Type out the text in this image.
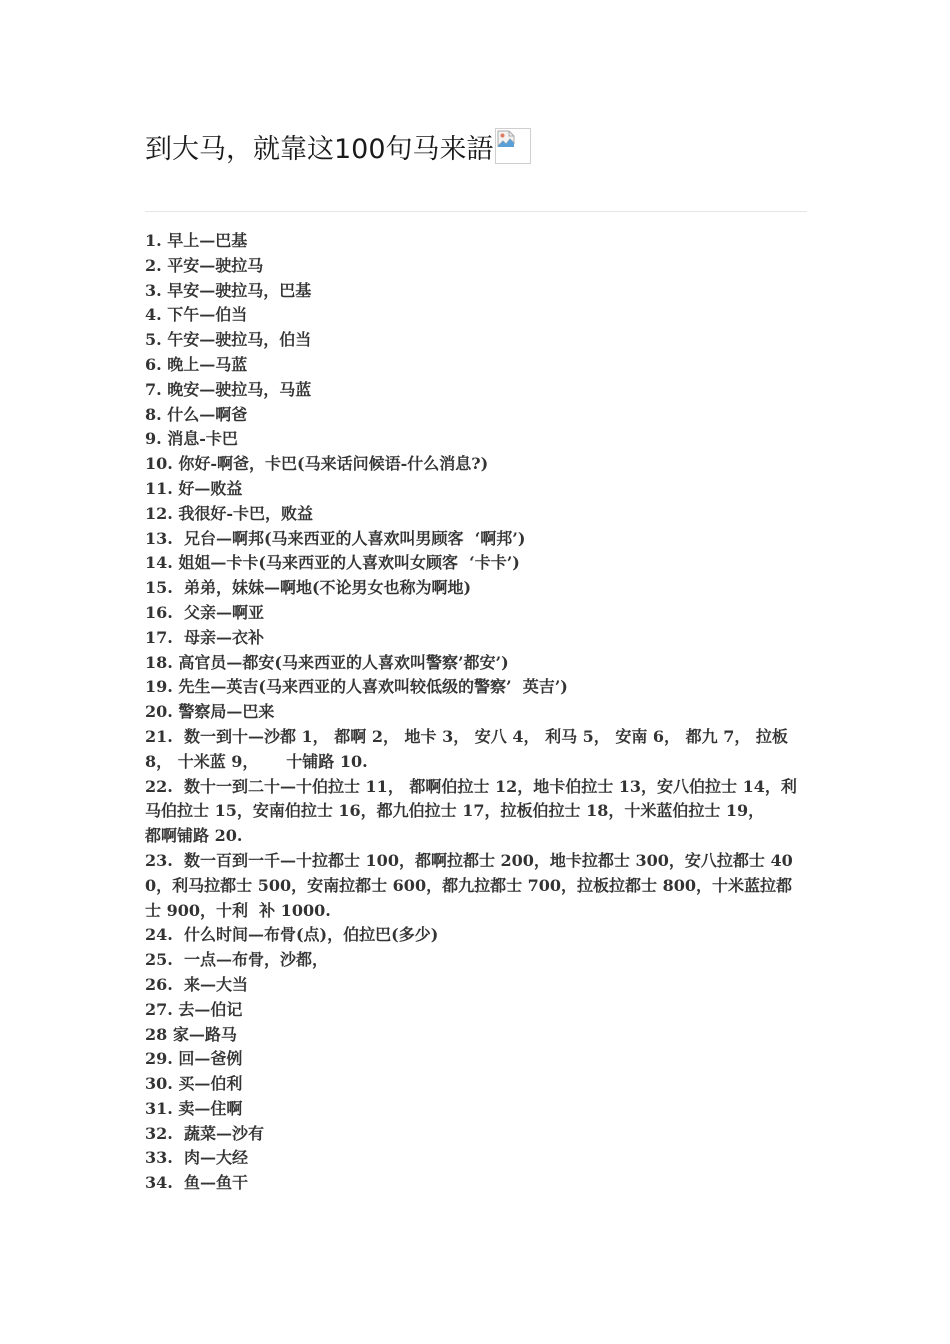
到大马，就靠这100句马来語
1. 早上—巴基
2. 平安—驶拉马
3. 早安—驶拉马，巴基
4. 下午—伯当
5. 午安—驶拉马，伯当
6. 晚上—马蓝
7. 晚安—驶拉马，马蓝
8. 什么—啊爸
9. 消息-卡巴
10. 你好-啊爸，卡巴(马来话问候语-什么消息?)
11. 好—败益
12. 我很好-卡巴，败益
13.  兄台—啊邦(马来西亚的人喜欢叫男顾客  ‘啊邦’)
14. 姐姐—卡卡(马来西亚的人喜欢叫女顾客  ‘卡卡’)
15.  弟弟，妹妹—啊地(不论男女也称为啊地)
16.  父亲—啊亚
17.  母亲—衣补
18. 高官员—都安(马来西亚的人喜欢叫警察’都安’)
19. 先生—英吉(马来西亚的人喜欢叫较低级的警察’  英吉’)
20. 警察局—巴来
21.  数一到十—沙都 1， 都啊 2， 地卡 3， 安八 4， 利马 5， 安南 6， 都九 7， 拉板 8， 十米蓝 9，     十铺路 10.
22.  数十一到二十—十伯拉士 11， 都啊伯拉士 12，地卡伯拉士 13，安八伯拉士 14，利马伯拉士 15，安南伯拉士 16，都九伯拉士 17，拉板伯拉士 18，十米蓝伯拉士 19，            都啊铺路 20.
23.  数一百到一千—十拉都士 100，都啊拉都士 200，地卡拉都士 300，安八拉都士 400，利马拉都士 500，安南拉都士 600，都九拉都士 700，拉板拉都士 800，十米蓝拉都士 900，十利  补 1000.
24.  什么时间—布骨(点)，伯拉巴(多少)
25.  一点—布骨，沙都，
26.  来—大当
27. 去—伯记
28 家—路马
29. 回—爸例
30. 买—伯利
31. 卖—住啊
32.  蔬菜—沙有
33.  肉—大经
34.  鱼—鱼干
